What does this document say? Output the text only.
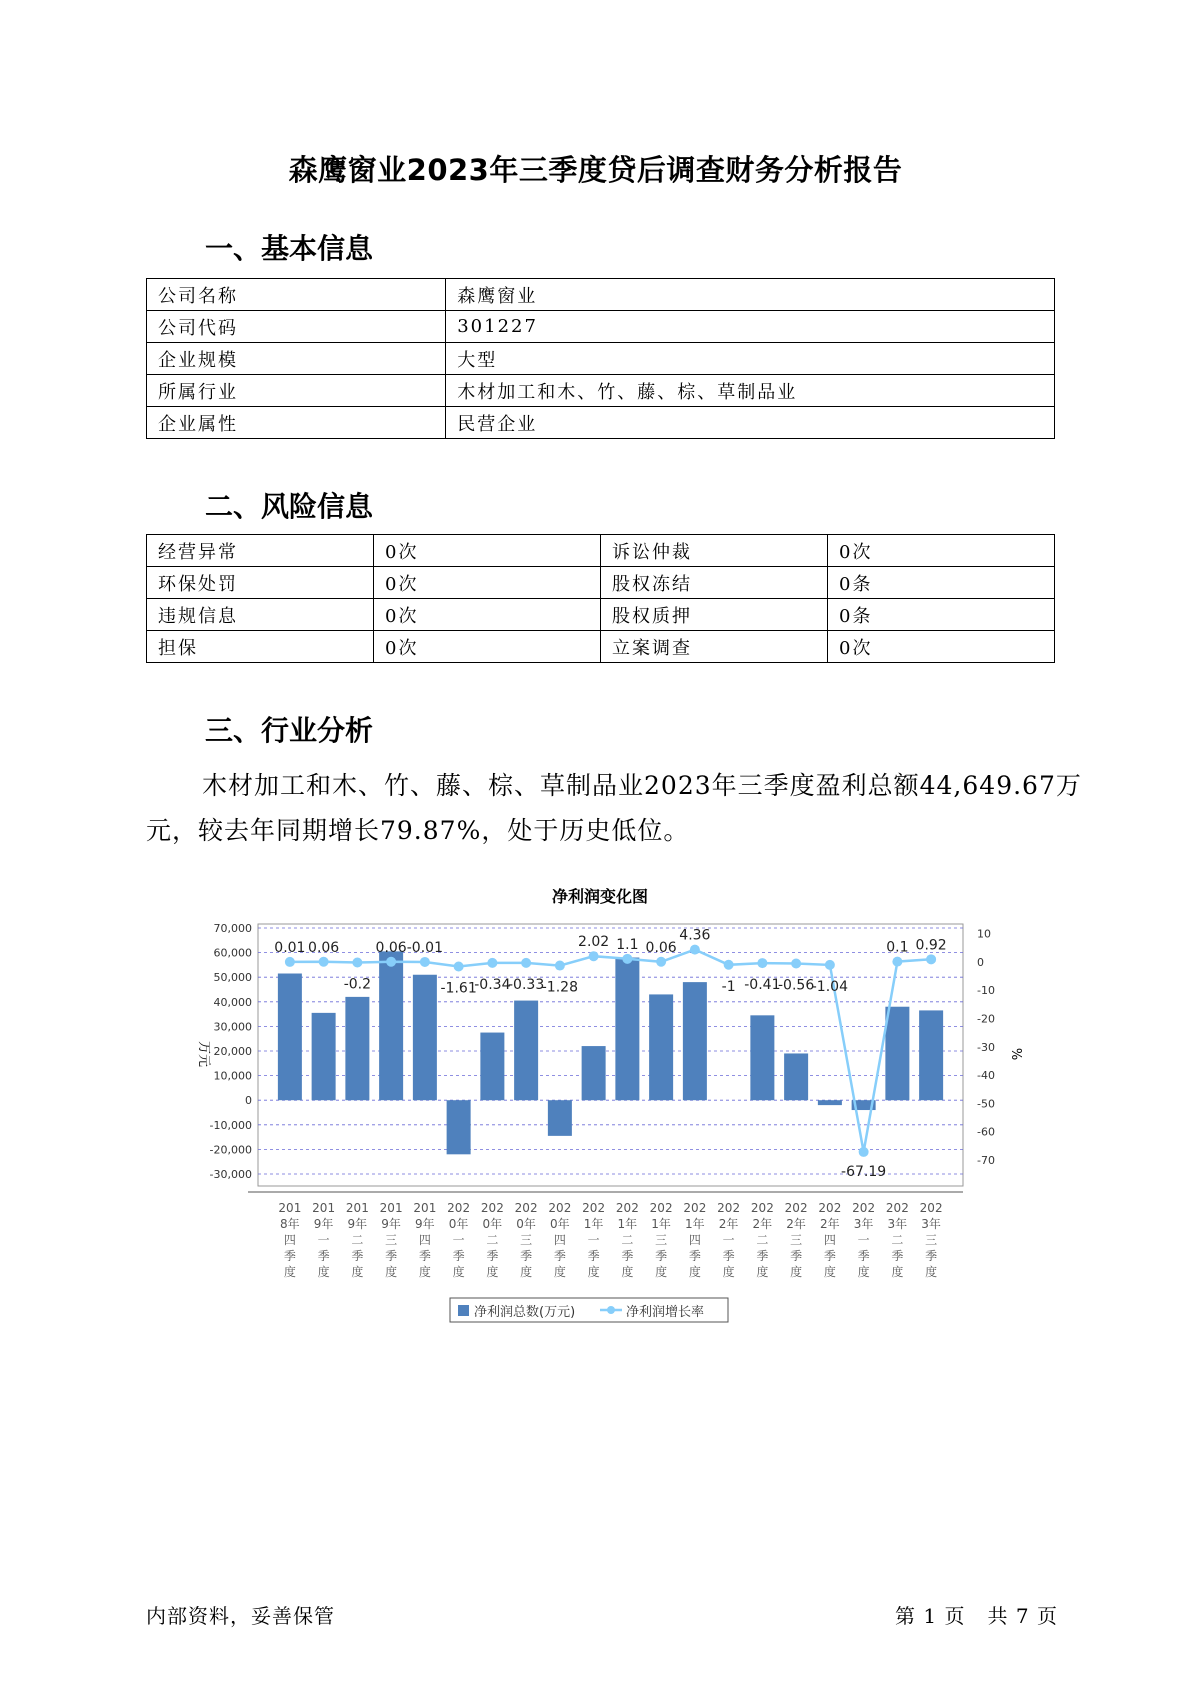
森鹰窗业2023年三季度贷后调查财务分析报告
一、基本信息
公司名称	森鹰窗业
公司代码	301227
企业规模	大型
所属行业	木材加工和木、竹、藤、棕、草制品业
企业属性	民营企业
二、风险信息
经营异常	0次	诉讼仲裁	0次
环保处罚	0次	股权冻结	0条
违规信息	0次	股权质押	0条
担保	0次	立案调查	0次
三、行业分析
木材加工和木、竹、藤、棕、草制品业2023年三季度盈利总额44,649.67万元，较去年同期增长79.87%，处于历史低位。
净利润变化图
70,000
60,000
50,000
40,000
30,000
20,000
10,000
0
-10,000
-20,000
-30,000
10
0
-10
-20
-30
-40
-50
-60
-70
万元	%
0.01 0.06
-0.2
0.06 -0.01
-1.61
-0.34
-0.33
-1.28
2.02 1.1 0.06
4.36
-1 -0.41
-0.56
-1.04
-67.19
0.1 0.92
201 8年四季度
201 9年一季度
201 9年二季度
201 9年三季度
201 9年四季度
202 0年一季度
202 0年二季度
202 0年三季度
202 0年四季度
202 1年一季度
202 1年二季度
202 1年三季度
202 1年四季度
202 2年一季度
202 2年二季度
202 2年三季度
202 2年四季度
202 3年一季度
202 3年二季度
202 3年三季度
净利润总数(万元)	净利润增长率
内部资料，妥善保管	第 1 页   共 7 页
